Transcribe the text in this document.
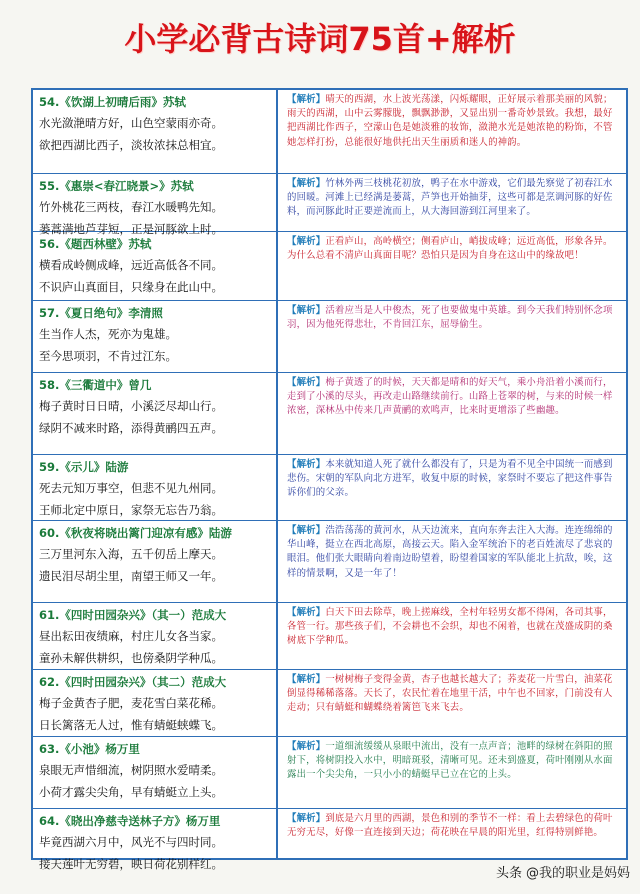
小学必背古诗词75首+解析
54.《饮湖上初晴后雨》苏轼
水光潋滟晴方好，山色空蒙雨亦奇。
欲把西湖比西子，淡妆浓抹总相宜。
【解析】晴天的西湖，水上波光荡漾，闪烁耀眼，正好展示着那美丽的风貌；雨天的西湖，山中云雾朦胧，飘飘渺渺，又显出别一番奇妙景致。我想，最好把西湖比作西子，空濛山色是她淡雅的妆饰，潋滟水光是她浓艳的粉饰，不管她怎样打扮，总能很好地供托出天生丽质和迷人的神韵。
55.《惠崇<春江晓景>》苏轼
竹外桃花三两枝，春江水暖鸭先知。
蒌蒿满地芦芽短，正是河豚欲上时。
【解析】竹林外两三枝桃花初放，鸭子在水中游戏，它们最先察觉了初春江水的回暖。河滩上已经满是蒌蒿，芦笋也开始抽芽，这些可都是烹调河豚的好佐料，而河豚此时正要逆流而上，从大海回游到江河里来了。
56.《题西林壁》苏轼
横看成岭侧成峰，远近高低各不同。
不识庐山真面目，只缘身在此山中。
【解析】正看庐山，高岭横空；侧看庐山，峭拔成峰；远近高低，形象各异。为什么总看不清庐山真面目呢？恐怕只是因为自身在这山中的缘故吧！
57.《夏日绝句》李清照
生当作人杰，死亦为鬼雄。
至今思项羽，不肯过江东。
【解析】活着应当是人中俊杰，死了也要做鬼中英雄。到今天我们特别怀念项羽，因为他死得悲壮，不肯回江东，屈辱偷生。
58.《三衢道中》曾几
梅子黄时日日晴，小溪泛尽却山行。
绿阴不减来时路，添得黄鹂四五声。
【解析】梅子黄透了的时候，天天都是晴和的好天气，乘小舟沿着小溪而行，走到了小溪的尽头，再改走山路继续前行。山路上苍翠的树，与来的时候一样浓密，深林丛中传来几声黄鹂的欢鸣声，比来时更增添了些幽趣。
59.《示儿》陆游
死去元知万事空，但悲不见九州同。
王师北定中原日，家祭无忘告乃翁。
【解析】本来就知道人死了就什么都没有了，只是为看不见全中国统一而感到悲伤。宋朝的军队向北方进军，收复中原的时候，家祭时不要忘了把这件事告诉你们的父亲。
60.《秋夜将晓出篱门迎凉有感》陆游
三万里河东入海，五千仞岳上摩天。
遗民泪尽胡尘里，南望王师又一年。
【解析】浩浩荡荡的黄河水，从天边流来，直向东奔去注入大海。连连绵绵的华山峰，挺立在西北高原，高接云天。陷入金军统治下的老百姓流尽了悲哀的眼泪。他们张大眼睛向着南边盼望着，盼望着国家的军队能北上抗敌，唉，这样的情景啊，又是一年了！
61.《四时田园杂兴》（其一）范成大
昼出耘田夜绩麻，村庄儿女各当家。
童孙未解供耕织，也傍桑阴学种瓜。
【解析】白天下田去除草，晚上搓麻线，全村年轻男女都不得闲，各司其事，各管一行。那些孩子们，不会耕也不会织，却也不闲着，也就在茂盛成阴的桑树底下学种瓜。
62.《四时田园杂兴》（其二）范成大
梅子金黄杏子肥，麦花雪白菜花稀。
日长篱落无人过，惟有蜻蜓蛱蝶飞。
【解析】一树树梅子变得金黄，杏子也越长越大了；荞麦花一片雪白，油菜花倒显得稀稀落落。天长了，农民忙着在地里干活，中午也不回家，门前没有人走动；只有蜻蜓和蝴蝶绕着篱笆飞来飞去。
63.《小池》杨万里
泉眼无声惜细流，树阴照水爱晴柔。
小荷才露尖尖角，早有蜻蜓立上头。
【解析】一道细流缓缓从泉眼中流出，没有一点声音；池畔的绿树在斜阳的照射下，将树阴投入水中，明暗斑驳，清晰可见。还未到盛夏，荷叶刚刚从水面露出一个尖尖角，一只小小的蜻蜓早已立在它的上头。
64.《晓出净慈寺送林子方》杨万里
毕竟西湖六月中，风光不与四时同。
接天莲叶无穷碧，映日荷花别样红。
【解析】到底是六月里的西湖，景色和别的季节不一样：看上去碧绿色的荷叶无穷无尽，好像一直连接到天边；荷花映在早晨的阳光里，红得特别鲜艳。
头条 @我的职业是妈妈
